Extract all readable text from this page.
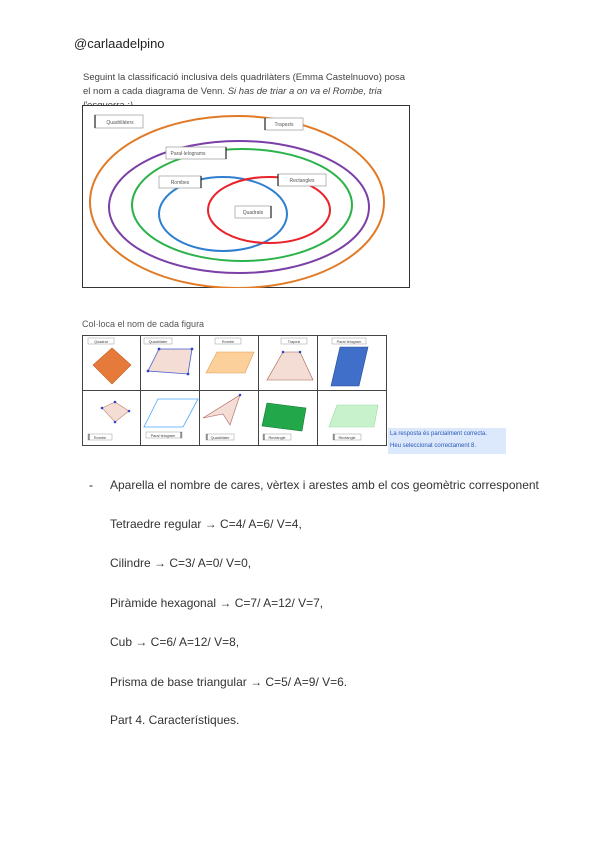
@carlaadelpino
Seguint la classificació inclusiva dels quadrilàters (Emma Castelnuovo) posa el nom a cada diagrama de Venn. Si has de triar a on va el Rombe, tria
Quadrilàters	Trapezis
Paral·lelograms
Rombes	Rectangles
Quadrats
Col·loca el nom de cada figura
Quadrat	Quadrilàter	Rombe	Trapezi	Paral·lelogram
Rombe	Paral·lelogram	Quadrilàter	Rectangle	Rectangle
La resposta és parcialment correcta.
Heu seleccionat correctament 8.
- Aparella el nombre de cares, vèrtex i arestes amb el cos geomètric corresponent
Tetraedre regular → C=4/ A=6/ V=4,
Cilindre → C=3/ A=0/ V=0,
Piràmide hexagonal → C=7/ A=12/ V=7,
Cub → C=6/ A=12/ V=8,
Prisma de base triangular → C=5/ A=9/ V=6.
Part 4. Característiques.
